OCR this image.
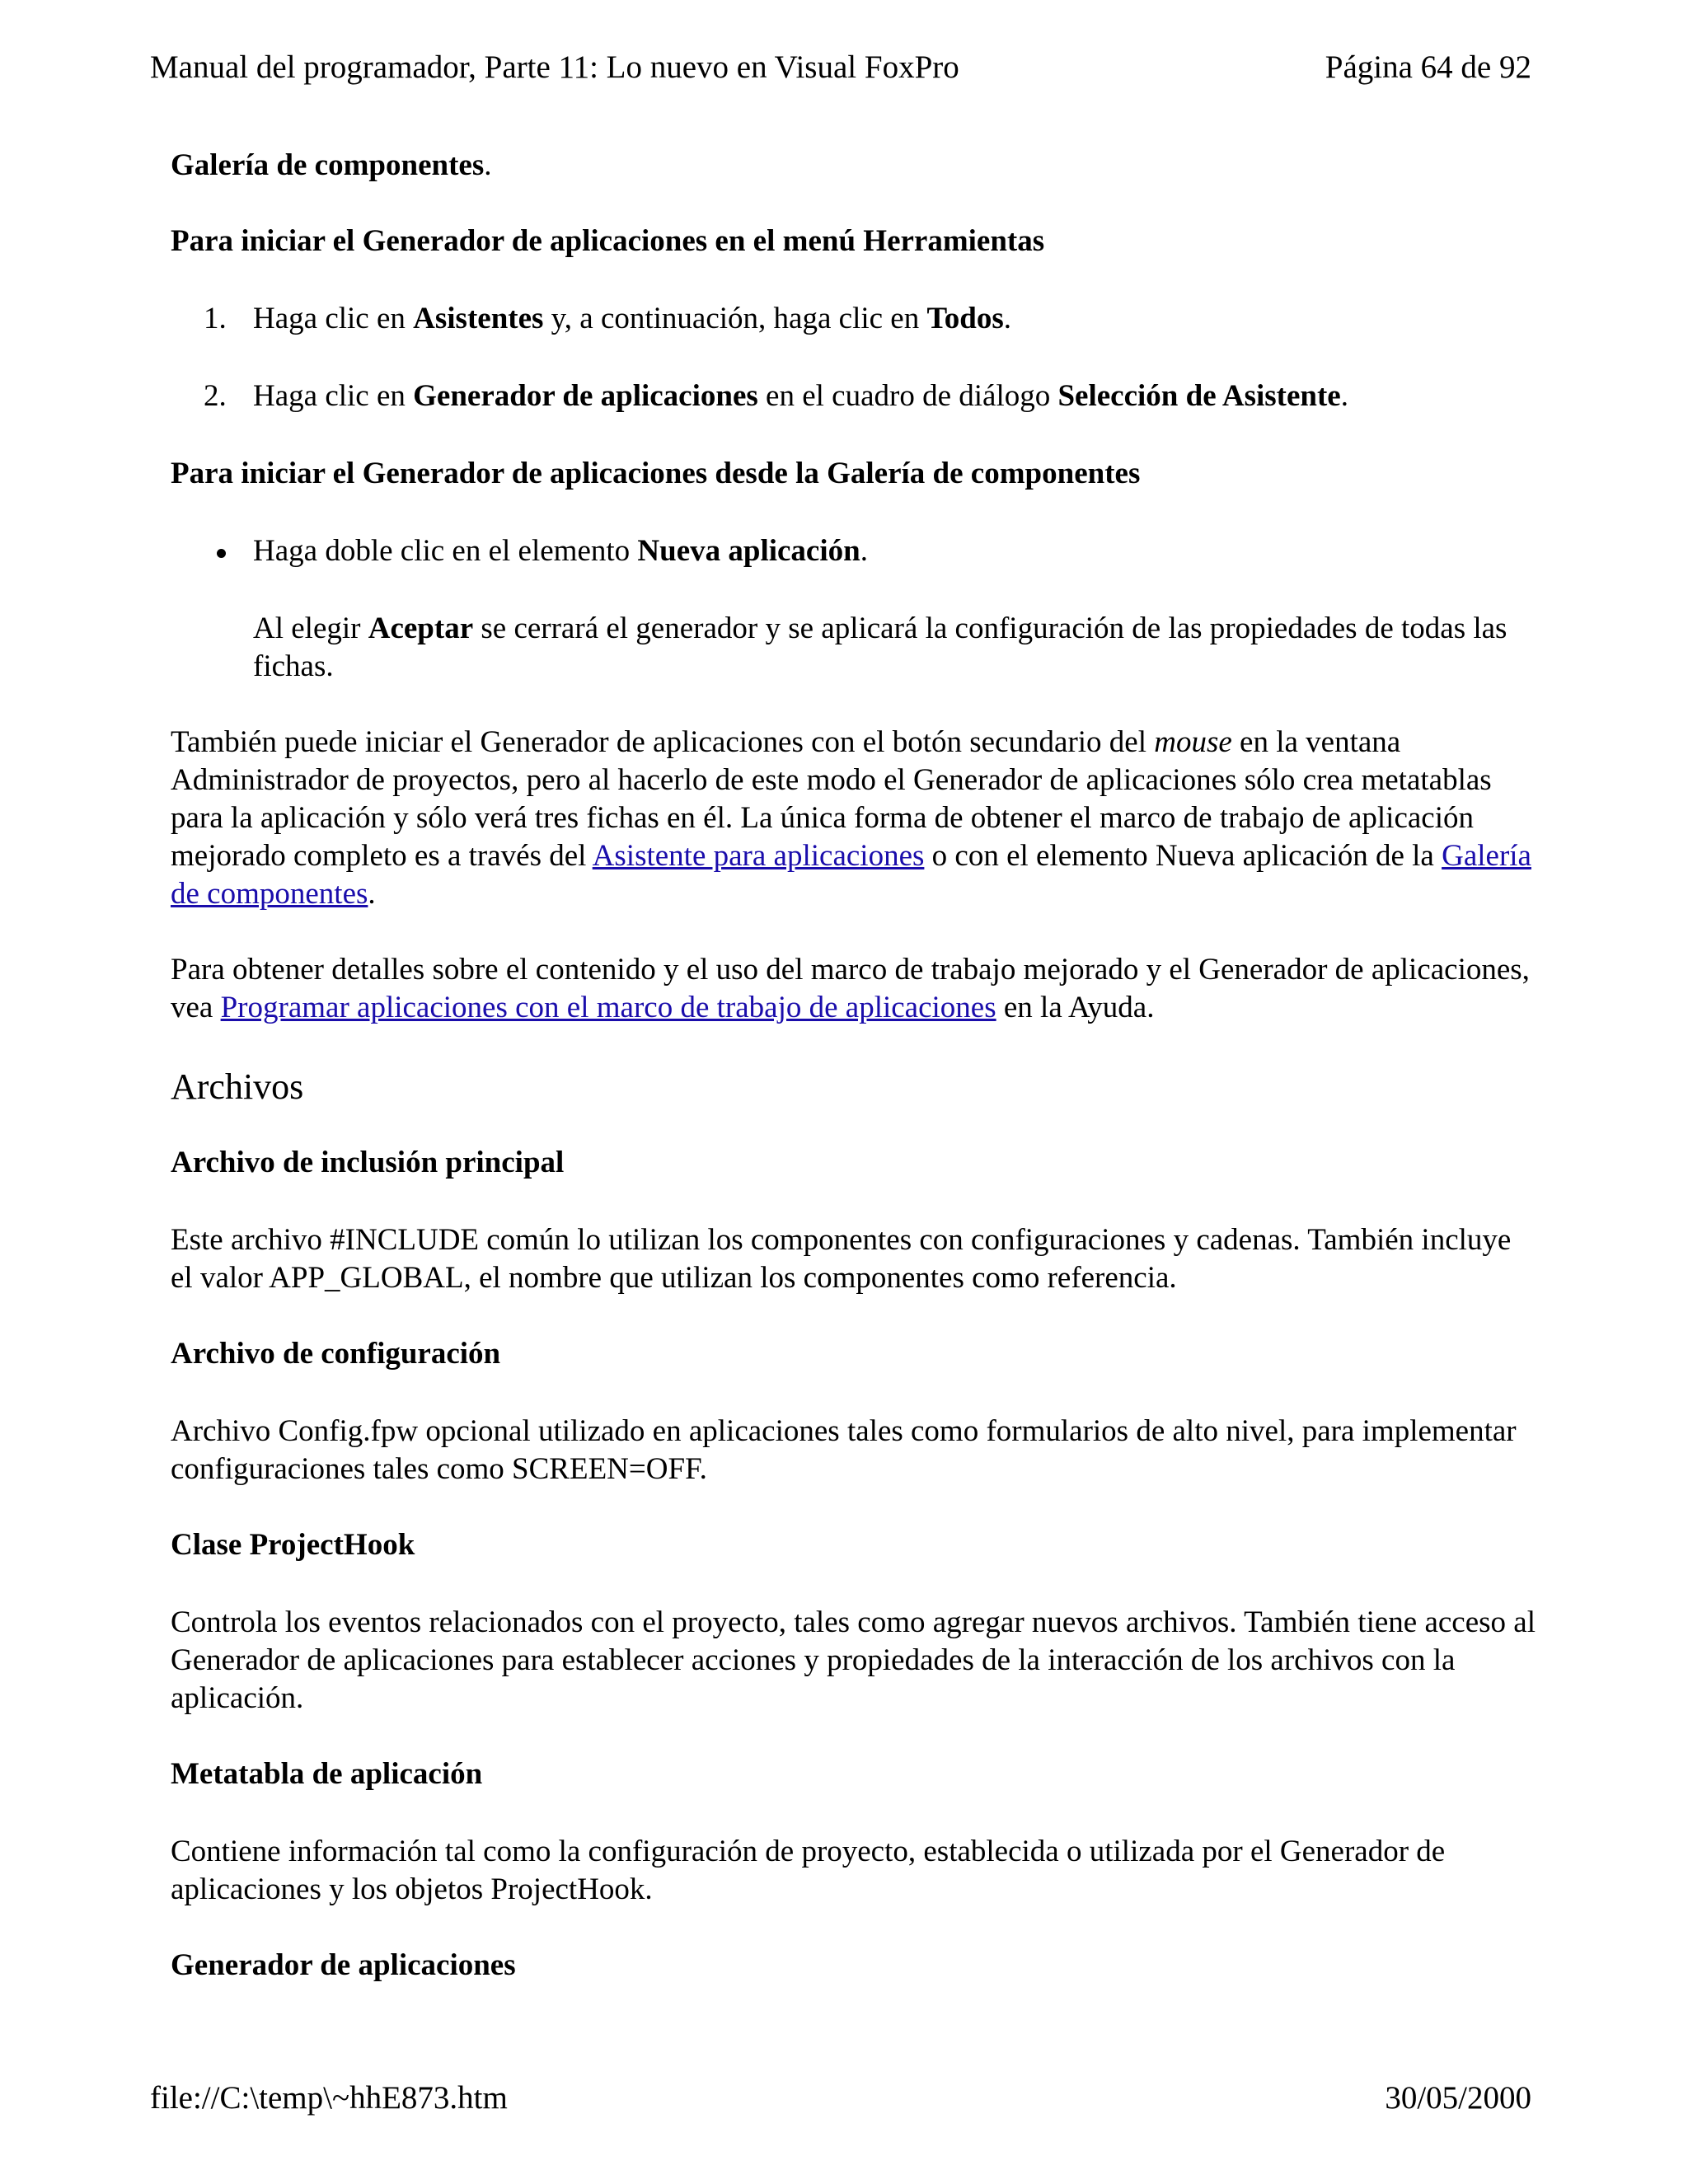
Manual del programador, Parte 11: Lo nuevo en Visual FoxPro	Página 64 de 92

Galería de componentes.

Para iniciar el Generador de aplicaciones en el menú Herramientas

1. Haga clic en Asistentes y, a continuación, haga clic en Todos.

2. Haga clic en Generador de aplicaciones en el cuadro de diálogo Selección de Asistente.

Para iniciar el Generador de aplicaciones desde la Galería de componentes

Haga doble clic en el elemento Nueva aplicación.

Al elegir Aceptar se cerrará el generador y se aplicará la configuración de las propiedades de todas las fichas.

También puede iniciar el Generador de aplicaciones con el botón secundario del mouse en la ventana Administrador de proyectos, pero al hacerlo de este modo el Generador de aplicaciones sólo crea metatablas para la aplicación y sólo verá tres fichas en él. La única forma de obtener el marco de trabajo de aplicación mejorado completo es a través del Asistente para aplicaciones o con el elemento Nueva aplicación de la Galería de componentes.

Para obtener detalles sobre el contenido y el uso del marco de trabajo mejorado y el Generador de aplicaciones, vea Programar aplicaciones con el marco de trabajo de aplicaciones en la Ayuda.

Archivos

Archivo de inclusión principal

Este archivo #INCLUDE común lo utilizan los componentes con configuraciones y cadenas. También incluye el valor APP_GLOBAL, el nombre que utilizan los componentes como referencia.

Archivo de configuración

Archivo Config.fpw opcional utilizado en aplicaciones tales como formularios de alto nivel, para implementar configuraciones tales como SCREEN=OFF.

Clase ProjectHook

Controla los eventos relacionados con el proyecto, tales como agregar nuevos archivos. También tiene acceso al Generador de aplicaciones para establecer acciones y propiedades de la interacción de los archivos con la aplicación.

Metatabla de aplicación

Contiene información tal como la configuración de proyecto, establecida o utilizada por el Generador de aplicaciones y los objetos ProjectHook.

Generador de aplicaciones

file://C:\temp\~hhE873.htm	30/05/2000
